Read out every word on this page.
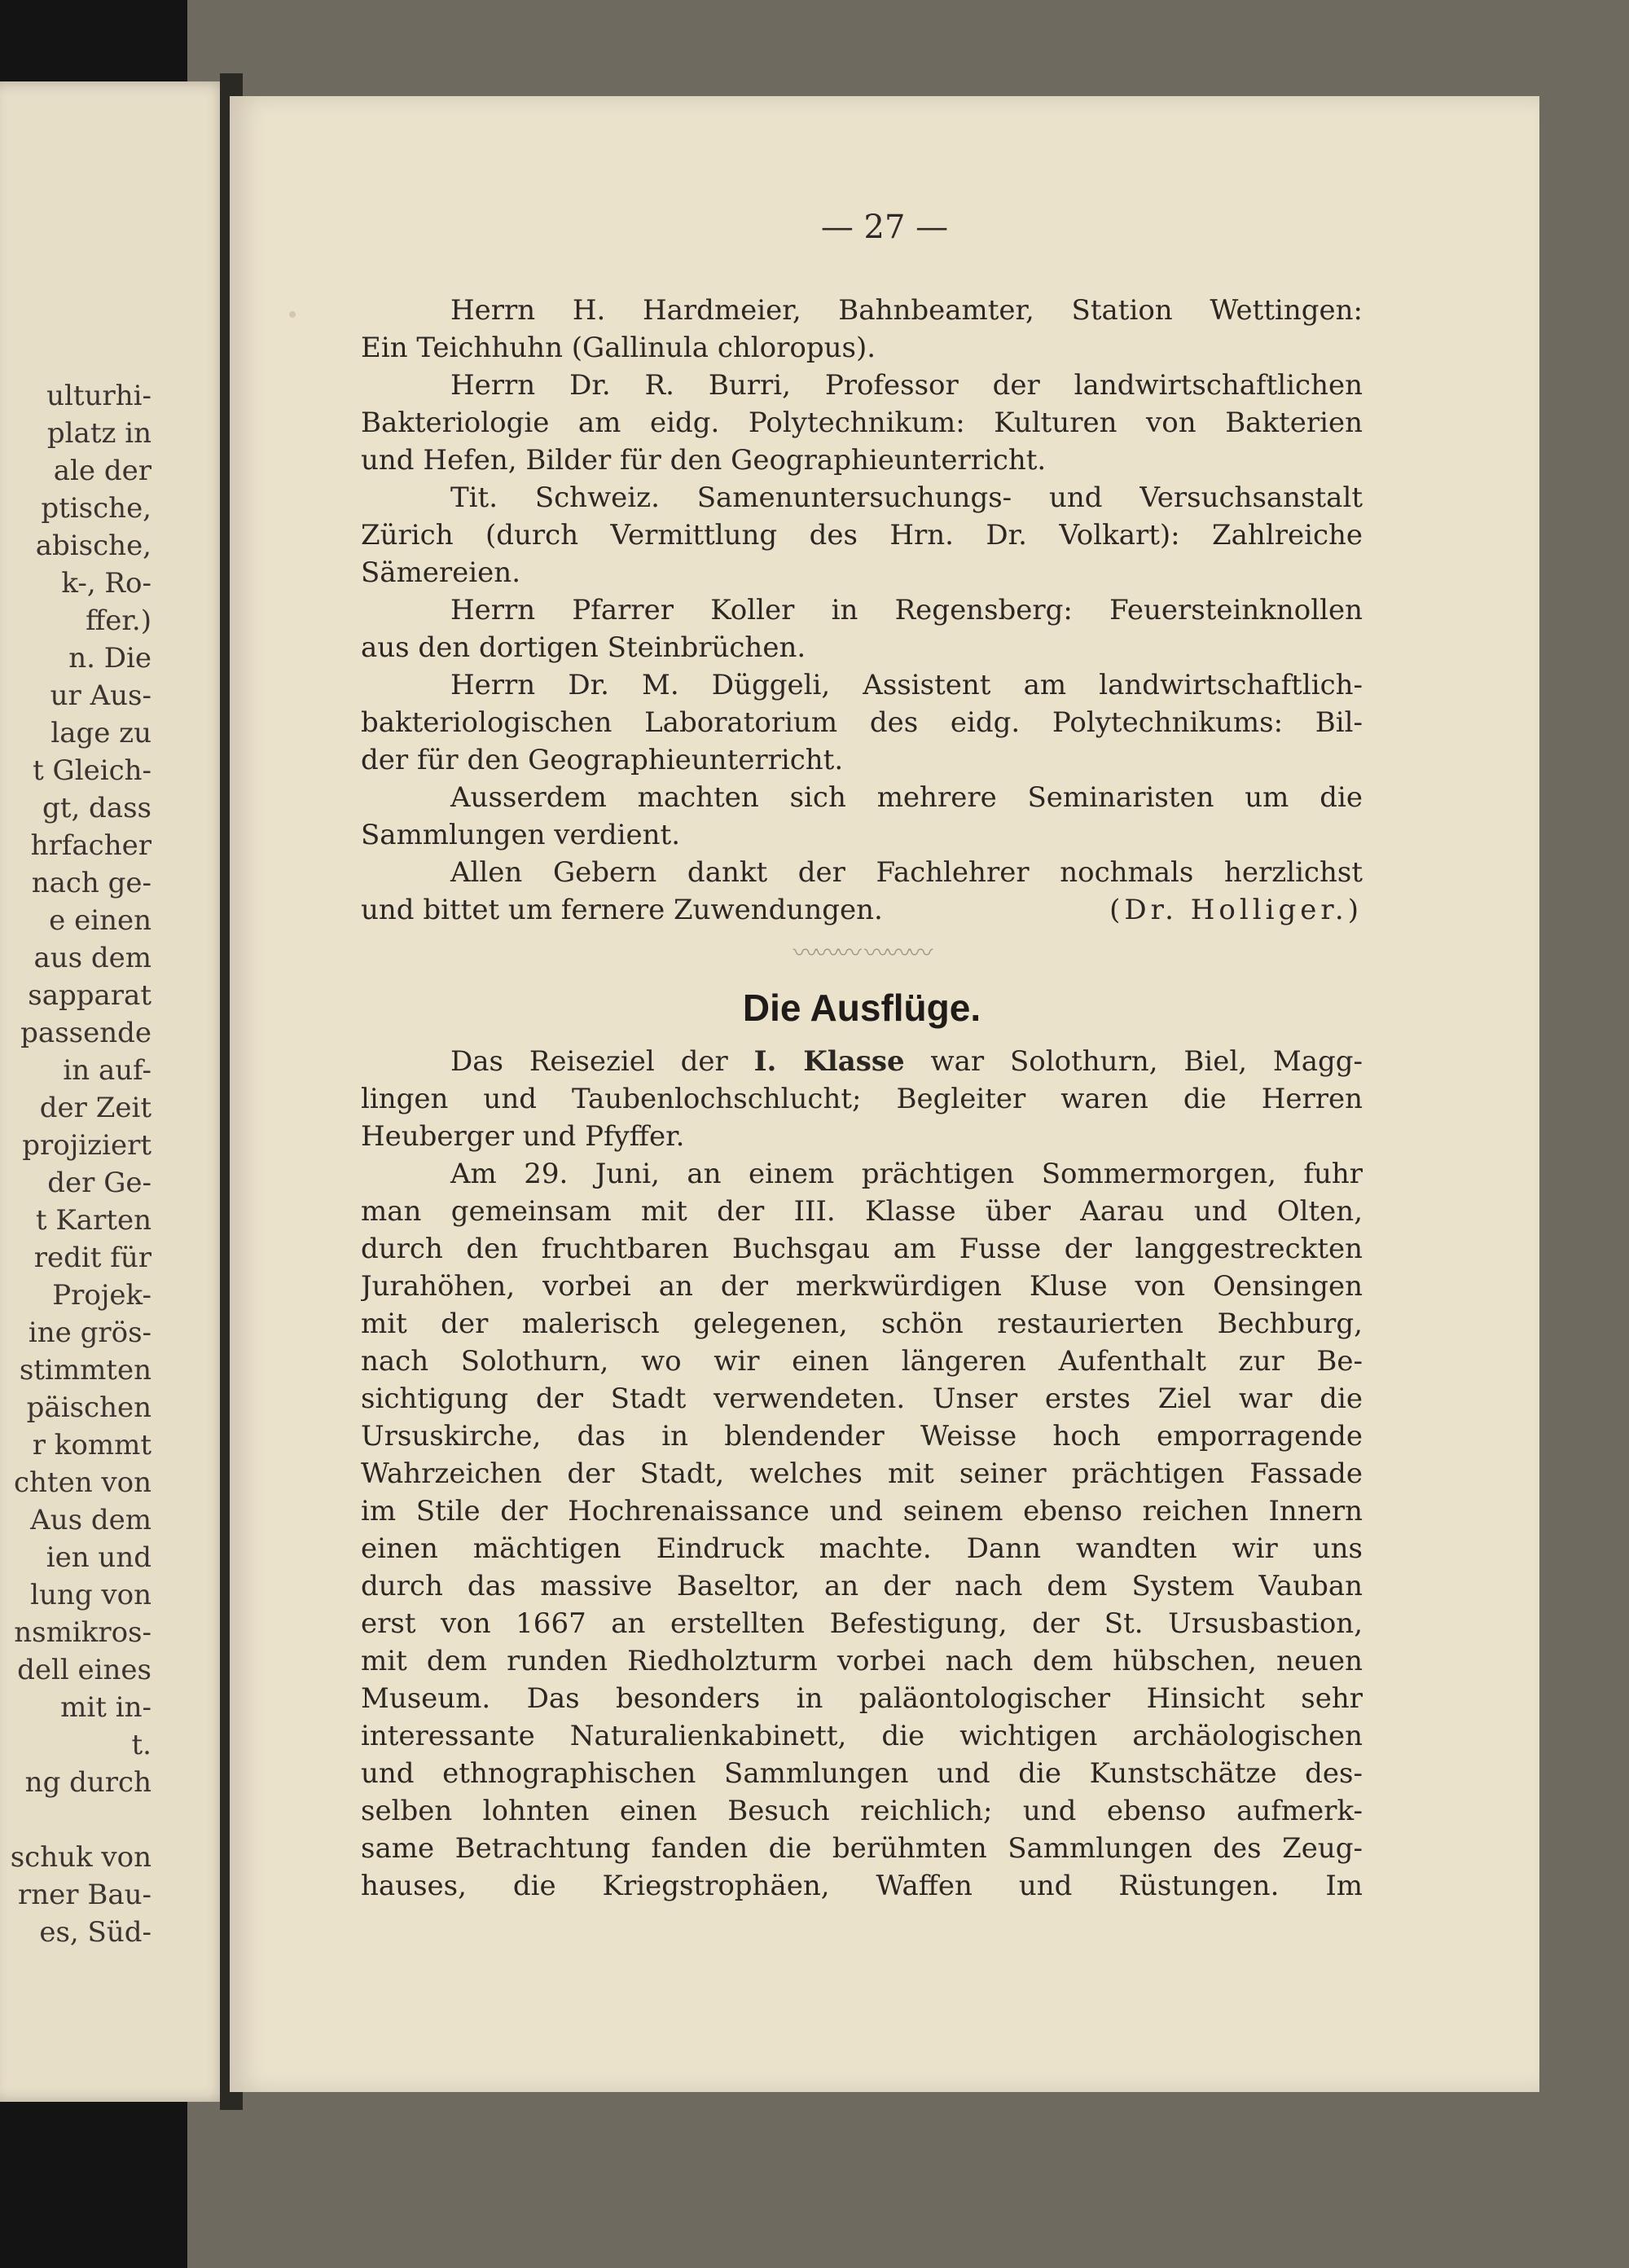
ulturhi-
platz in
ale der
ptische,
abische,
k-, Ro-
ffer.)
n. Die
ur Aus-
lage zu
t Gleich-
gt, dass
hrfacher
nach ge-
e einen
aus dem
sapparat
passende
in auf-
der Zeit
projiziert
der Ge-
t Karten
redit für
Projek-
ine grös-
stimmten
päischen
r kommt
chten von
Aus dem
ien und
lung von
nsmikros-
dell eines
mit in-
t.
ng durch
schuk von
rner Bau-
es, Süd-
— 27 —
Herrn H. Hardmeier, Bahnbeamter, Station Wettingen:
Ein Teichhuhn (Gallinula chloropus).
Herrn Dr. R. Burri, Professor der landwirtschaftlichen
Bakteriologie am eidg. Polytechnikum: Kulturen von Bakterien
und Hefen, Bilder für den Geographieunterricht.
Tit. Schweiz. Samenuntersuchungs- und Versuchsanstalt
Zürich (durch Vermittlung des Hrn. Dr. Volkart): Zahlreiche
Sämereien.
Herrn Pfarrer Koller in Regensberg: Feuersteinknollen
aus den dortigen Steinbrüchen.
Herrn Dr. M. Düggeli, Assistent am landwirtschaftlich-
bakteriologischen Laboratorium des eidg. Polytechnikums: Bil-
der für den Geographieunterricht.
Ausserdem machten sich mehrere Seminaristen um die
Sammlungen verdient.
Allen Gebern dankt der Fachlehrer nochmals herzlichst
und bittet um fernere Zuwendungen.	(Dr. Holliger.)
〰〰〰 〰〰〰
Die Ausflüge.
Das Reiseziel der I. Klasse war Solothurn, Biel, Magg-
lingen und Taubenlochschlucht; Begleiter waren die Herren
Heuberger und Pfyffer.
Am 29. Juni, an einem prächtigen Sommermorgen, fuhr
man gemeinsam mit der III. Klasse über Aarau und Olten,
durch den fruchtbaren Buchsgau am Fusse der langgestreckten
Jurahöhen, vorbei an der merkwürdigen Kluse von Oensingen
mit der malerisch gelegenen, schön restaurierten Bechburg,
nach Solothurn, wo wir einen längeren Aufenthalt zur Be-
sichtigung der Stadt verwendeten. Unser erstes Ziel war die
Ursuskirche, das in blendender Weisse hoch emporragende
Wahrzeichen der Stadt, welches mit seiner prächtigen Fassade
im Stile der Hochrenaissance und seinem ebenso reichen Innern
einen mächtigen Eindruck machte. Dann wandten wir uns
durch das massive Baseltor, an der nach dem System Vauban
erst von 1667 an erstellten Befestigung, der St. Ursusbastion,
mit dem runden Riedholzturm vorbei nach dem hübschen, neuen
Museum. Das besonders in paläontologischer Hinsicht sehr
interessante Naturalienkabinett, die wichtigen archäologischen
und ethnographischen Sammlungen und die Kunstschätze des-
selben lohnten einen Besuch reichlich; und ebenso aufmerk-
same Betrachtung fanden die berühmten Sammlungen des Zeug-
hauses, die Kriegstrophäen, Waffen und Rüstungen. Im
